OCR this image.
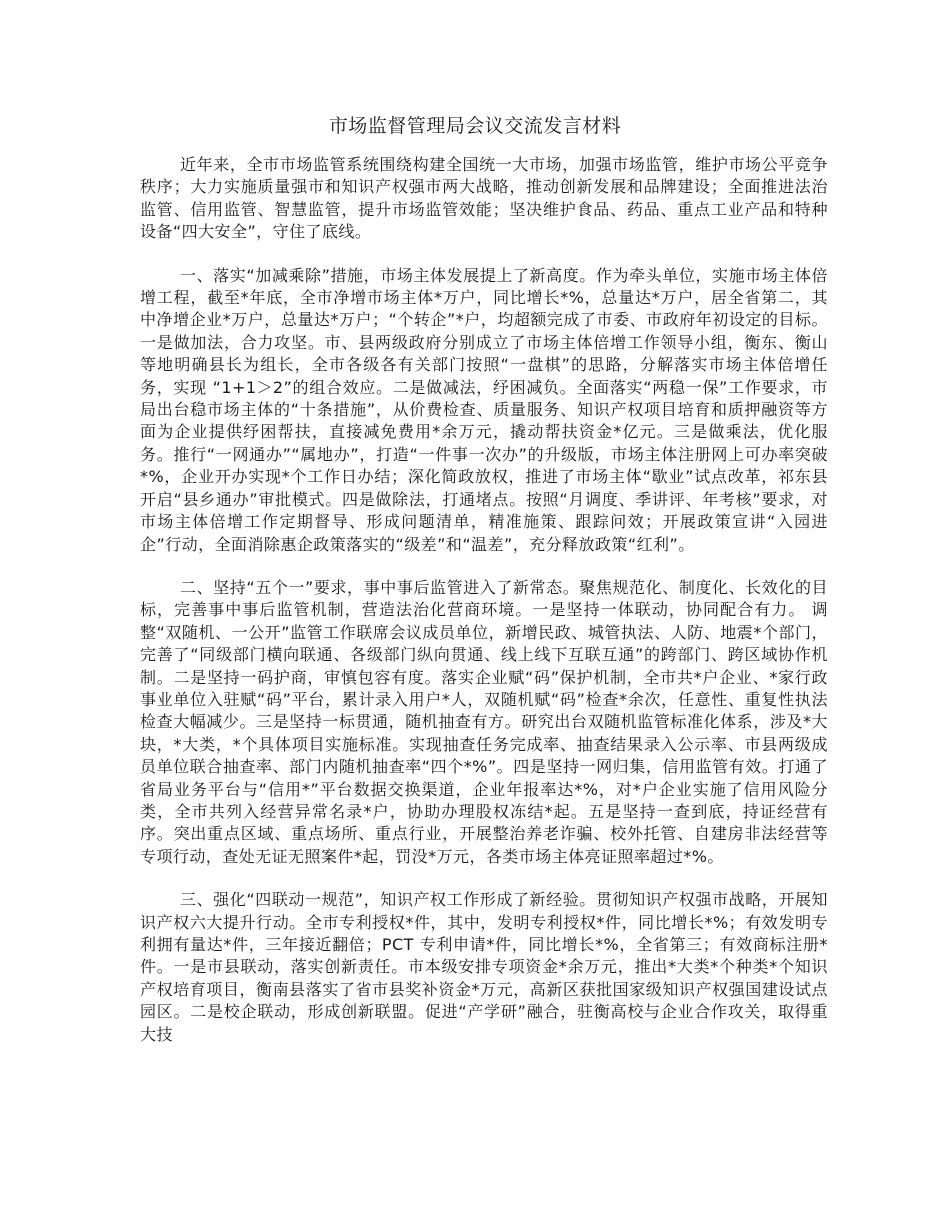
市场监督管理局会议交流发言材料

近年来，全市市场监管系统围绕构建全国统一大市场，加强市场监管，维护市场公平竞争秩序；大力实施质量强市和知识产权强市两大战略，推动创新发展和品牌建设；全面推进法治监管、信用监管、智慧监管，提升市场监管效能；坚决维护食品、药品、重点工业产品和特种设备“四大安全”，守住了底线。

一、落实“加减乘除”措施，市场主体发展提上了新高度。作为牵头单位，实施市场主体倍增工程，截至*年底，全市净增市场主体*万户，同比增长*%，总量达*万户，居全省第二，其中净增企业*万户，总量达*万户；“个转企”*户，均超额完成了市委、市政府年初设定的目标。一是做加法，合力攻坚。市、县两级政府分别成立了市场主体倍增工作领导小组，衡东、衡山等地明确县长为组长，全市各级各有关部门按照“一盘棋”的思路，分解落实市场主体倍增任务，实现 “1+1＞2”的组合效应。二是做减法，纾困减负。全面落实“两稳一保”工作要求，市局出台稳市场主体的“十条措施”，从价费检查、质量服务、知识产权项目培育和质押融资等方面为企业提供纾困帮扶，直接减免费用*余万元，撬动帮扶资金*亿元。三是做乘法，优化服务。推行“一网通办”“属地办”，打造“一件事一次办”的升级版，市场主体注册网上可办率突破*%，企业开办实现*个工作日办结；深化简政放权，推进了市场主体“歇业”试点改革，祁东县开启“县乡通办”审批模式。四是做除法，打通堵点。按照“月调度、季讲评、年考核”要求，对市场主体倍增工作定期督导、形成问题清单，精准施策、跟踪问效；开展政策宣讲“入园进企”行动，全面消除惠企政策落实的“级差”和“温差”，充分释放政策“红利”。

二、坚持“五个一”要求，事中事后监管进入了新常态。聚焦规范化、制度化、长效化的目标，完善事中事后监管机制，营造法治化营商环境。一是坚持一体联动，协同配合有力。 调整“双随机、一公开”监管工作联席会议成员单位，新增民政、城管执法、人防、地震*个部门，完善了“同级部门横向联通、各级部门纵向贯通、线上线下互联互通”的跨部门、跨区域协作机制。二是坚持一码护商，审慎包容有度。落实企业赋“码”保护机制，全市共*户企业、*家行政事业单位入驻赋“码”平台，累计录入用户*人，双随机赋“码”检查*余次，任意性、重复性执法检查大幅减少。三是坚持一标贯通，随机抽查有方。研究出台双随机监管标准化体系，涉及*大块，*大类，*个具体项目实施标准。实现抽查任务完成率、抽查结果录入公示率、市县两级成员单位联合抽查率、部门内随机抽查率“四个*%”。四是坚持一网归集，信用监管有效。打通了省局业务平台与“信用*”平台数据交换渠道，企业年报率达*%，对*户企业实施了信用风险分类，全市共列入经营异常名录*户，协助办理股权冻结*起。五是坚持一查到底，持证经营有序。突出重点区域、重点场所、重点行业，开展整治养老诈骗、校外托管、自建房非法经营等专项行动，查处无证无照案件*起，罚没*万元，各类市场主体亮证照率超过*%。

三、强化“四联动一规范”，知识产权工作形成了新经验。贯彻知识产权强市战略，开展知识产权六大提升行动。全市专利授权*件，其中，发明专利授权*件，同比增长*%；有效发明专利拥有量达*件，三年接近翻倍；PCT 专利申请*件，同比增长*%，全省第三；有效商标注册*件。一是市县联动，落实创新责任。市本级安排专项资金*余万元，推出*大类*个种类*个知识产权培育项目，衡南县落实了省市县奖补资金*万元，高新区获批国家级知识产权强国建设试点园区。二是校企联动，形成创新联盟。促进“产学研”融合，驻衡高校与企业合作攻关，取得重大技
